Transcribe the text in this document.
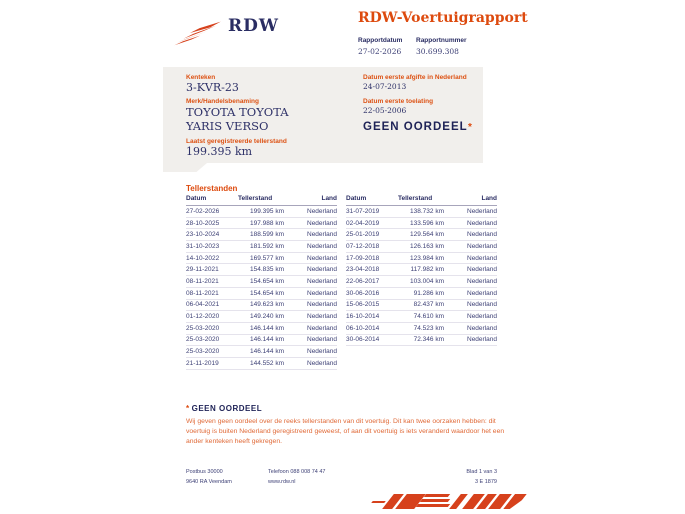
RDW	RDW-Voertuigrapport
Rapportdatum
27-02-2026
Rapportnummer
30.699.308
Kenteken
3-KVR-23
Merk/Handelsbenaming
TOYOTA TOYOTA
YARIS VERSO
Laatst geregistreerde tellerstand
199.395 km
Datum eerste afgifte in Nederland
24-07-2013
Datum eerste toelating
22-05-2006
GEEN OORDEEL *
Tellerstanden
Datum	Tellerstand	Land
27-02-2026	199.395 km	Nederland
28-10-2025	197.988 km	Nederland
23-10-2024	188.599 km	Nederland
31-10-2023	181.592 km	Nederland
14-10-2022	169.577 km	Nederland
29-11-2021	154.835 km	Nederland
08-11-2021	154.654 km	Nederland
08-11-2021	154.654 km	Nederland
06-04-2021	149.623 km	Nederland
01-12-2020	149.240 km	Nederland
25-03-2020	146.144 km	Nederland
25-03-2020	146.144 km	Nederland
25-03-2020	146.144 km	Nederland
21-11-2019	144.552 km	Nederland
Datum	Tellerstand	Land
31-07-2019	138.732 km	Nederland
02-04-2019	133.596 km	Nederland
25-01-2019	129.564 km	Nederland
07-12-2018	126.163 km	Nederland
17-09-2018	123.984 km	Nederland
23-04-2018	117.982 km	Nederland
22-06-2017	103.004 km	Nederland
30-06-2016	91.286 km	Nederland
15-06-2015	82.437 km	Nederland
16-10-2014	74.610 km	Nederland
06-10-2014	74.523 km	Nederland
30-06-2014	72.346 km	Nederland
* GEEN OORDEEL
Wij geven geen oordeel over de reeks tellerstanden van dit voertuig. Dit kan twee oorzaken hebben: dit voertuig is buiten Nederland geregistreerd geweest, of aan dit voertuig is iets veranderd waardoor het een ander kenteken heeft gekregen.
Postbus 30000
9640 RA Veendam
Telefoon 088 008 74 47
www.rdw.nl
Blad 1 van 3
3 E 1879
